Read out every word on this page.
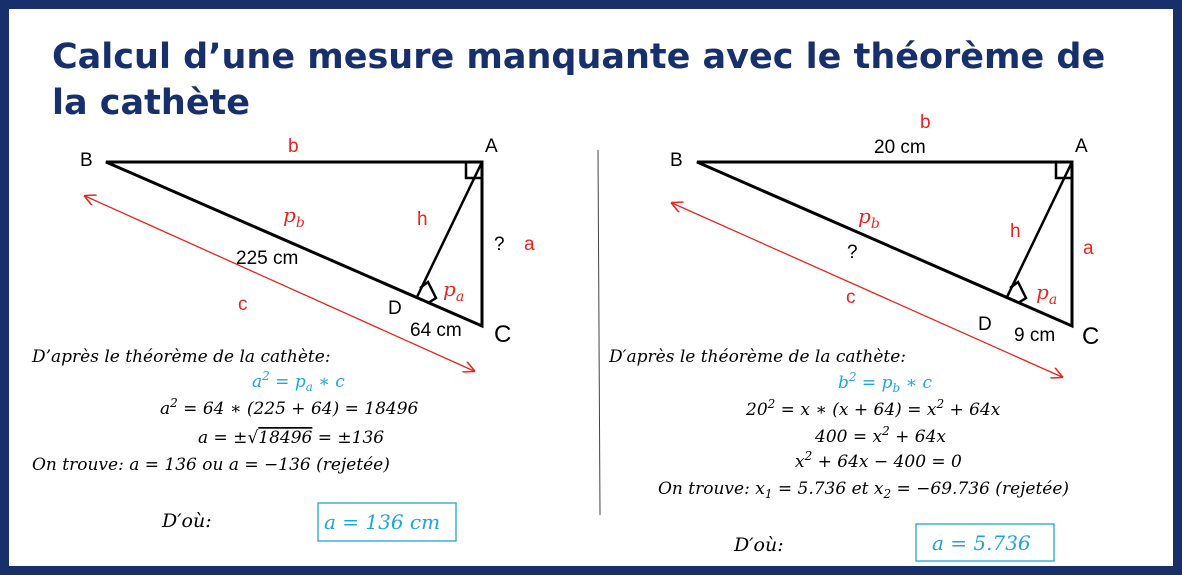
Calcul d’une mesure manquante avec le théorème de la cathète
B
A
C
D
b
h
a
c
225 cm
64 cm
?
$p_b$
$p_a$
B
A
C
D
b
h
a
c
20 cm
9 cm
?
$p_b$
$p_a$
D’après le théorème de la cathète:
$a^2 = p_a$ ∗ c
$a^2 = 64$ ∗ (225 + 64) = 18496
a = ±√18496 = ±136
On trouve: a = 136 ou a = −136 (rejetée)
D′où:	a = 136 cm
D′après le théorème de la cathète:
$b^2 = p_b$ ∗ c
$20^2 = x$ ∗ $(x + 64) = x^2 + 64x$
$400 = x^2 + 64x$
$x^2 + 64x - 400 = 0$
On trouve: $x_1 = 5.736$ et $x_2 = -69.736$ (rejetée)
D′où:	a = 5.736
